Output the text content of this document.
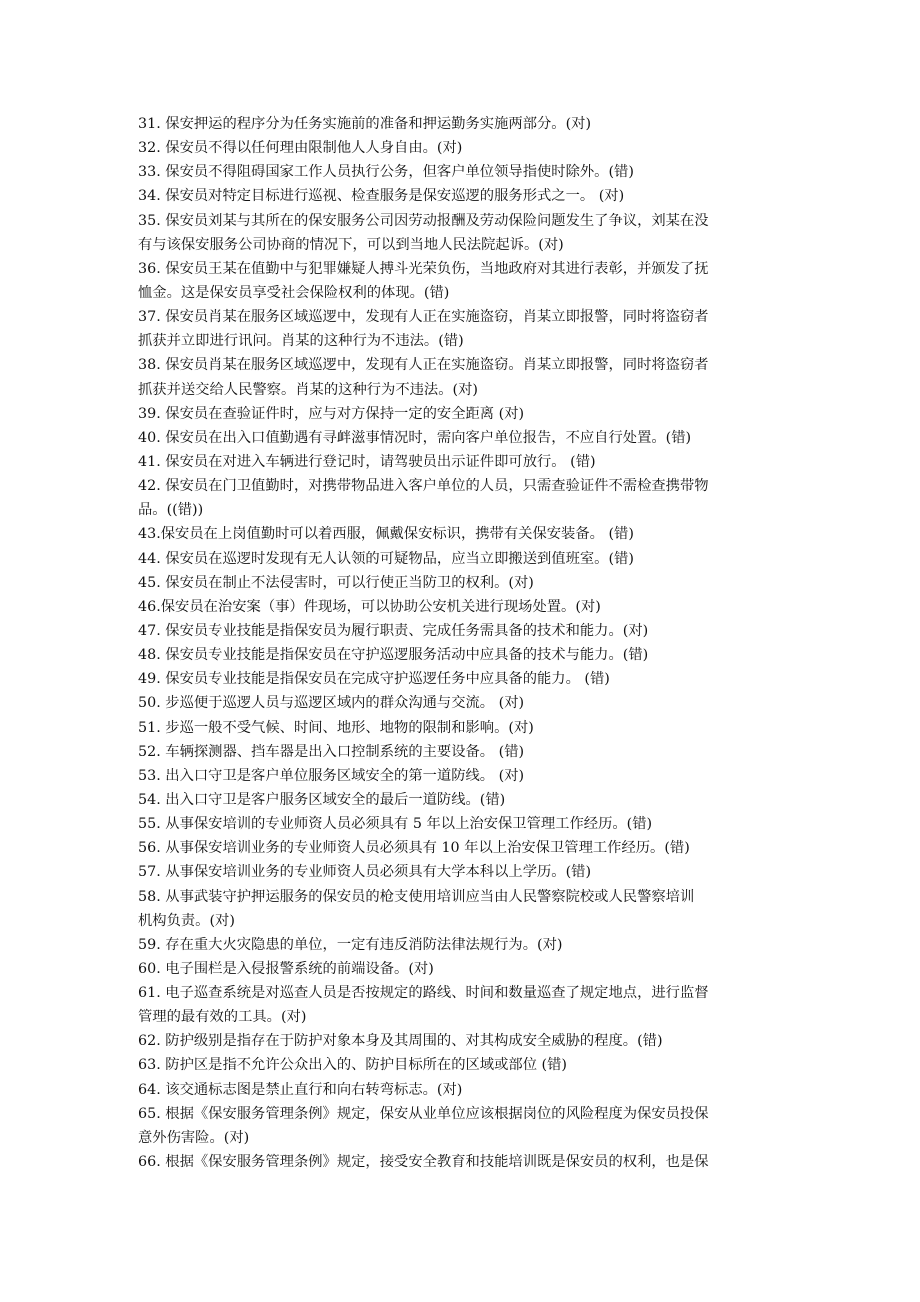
31. 保安押运的程序分为任务实施前的准备和押运勤务实施两部分。(对)
32. 保安员不得以任何理由限制他人人身自由。(对)
33. 保安员不得阻碍国家工作人员执行公务，但客户单位领导指使时除外。(错)
34. 保安员对特定目标进行巡视、检查服务是保安巡逻的服务形式之一。 (对)
35. 保安员刘某与其所在的保安服务公司因劳动报酬及劳动保险问题发生了争议，刘某在没
有与该保安服务公司协商的情况下，可以到当地人民法院起诉。(对)
36. 保安员王某在值勤中与犯罪嫌疑人搏斗光荣负伤，当地政府对其进行表彰，并颁发了抚
恤金。这是保安员享受社会保险权利的体现。(错)
37. 保安员肖某在服务区域巡逻中，发现有人正在实施盗窃，肖某立即报警，同时将盗窃者
抓获并立即进行讯问。肖某的这种行为不违法。(错)
38. 保安员肖某在服务区域巡逻中，发现有人正在实施盗窃。肖某立即报警，同时将盗窃者
抓获并送交给人民警察。肖某的这种行为不违法。(对)
39. 保安员在查验证件时，应与对方保持一定的安全距离 (对)
40. 保安员在出入口值勤遇有寻衅滋事情况时，需向客户单位报告，不应自行处置。(错)
41. 保安员在对进入车辆进行登记时，请驾驶员出示证件即可放行。 (错)
42. 保安员在门卫值勤时，对携带物品进入客户单位的人员，只需查验证件不需检查携带物
品。((错))
43.保安员在上岗值勤时可以着西服，佩戴保安标识，携带有关保安装备。 (错)
44. 保安员在巡逻时发现有无人认领的可疑物品，应当立即搬送到值班室。(错)
45. 保安员在制止不法侵害时，可以行使正当防卫的权利。(对)
46.保安员在治安案（事）件现场，可以协助公安机关进行现场处置。(对)
47. 保安员专业技能是指保安员为履行职责、完成任务需具备的技术和能力。(对)
48. 保安员专业技能是指保安员在守护巡逻服务活动中应具备的技术与能力。(错)
49. 保安员专业技能是指保安员在完成守护巡逻任务中应具备的能力。 (错)
50. 步巡便于巡逻人员与巡逻区域内的群众沟通与交流。 (对)
51. 步巡一般不受气候、时间、地形、地物的限制和影响。(对)
52. 车辆探测器、挡车器是出入口控制系统的主要设备。 (错)
53. 出入口守卫是客户单位服务区域安全的第一道防线。 (对)
54. 出入口守卫是客户服务区域安全的最后一道防线。(错)
55. 从事保安培训的专业师资人员必须具有 5 年以上治安保卫管理工作经历。(错)
56. 从事保安培训业务的专业师资人员必须具有 10 年以上治安保卫管理工作经历。(错)
57. 从事保安培训业务的专业师资人员必须具有大学本科以上学历。(错)
58. 从事武装守护押运服务的保安员的枪支使用培训应当由人民警察院校或人民警察培训
机构负责。(对)
59. 存在重大火灾隐患的单位，一定有违反消防法律法规行为。(对)
60. 电子围栏是入侵报警系统的前端设备。(对)
61. 电子巡查系统是对巡查人员是否按规定的路线、时间和数量巡查了规定地点，进行监督
管理的最有效的工具。(对)
62. 防护级别是指存在于防护对象本身及其周围的、对其构成安全威胁的程度。(错)
63. 防护区是指不允许公众出入的、防护目标所在的区域或部位 (错)
64. 该交通标志图是禁止直行和向右转弯标志。(对)
65. 根据《保安服务管理条例》规定，保安从业单位应该根据岗位的风险程度为保安员投保
意外伤害险。(对)
66. 根据《保安服务管理条例》规定，接受安全教育和技能培训既是保安员的权利，也是保
